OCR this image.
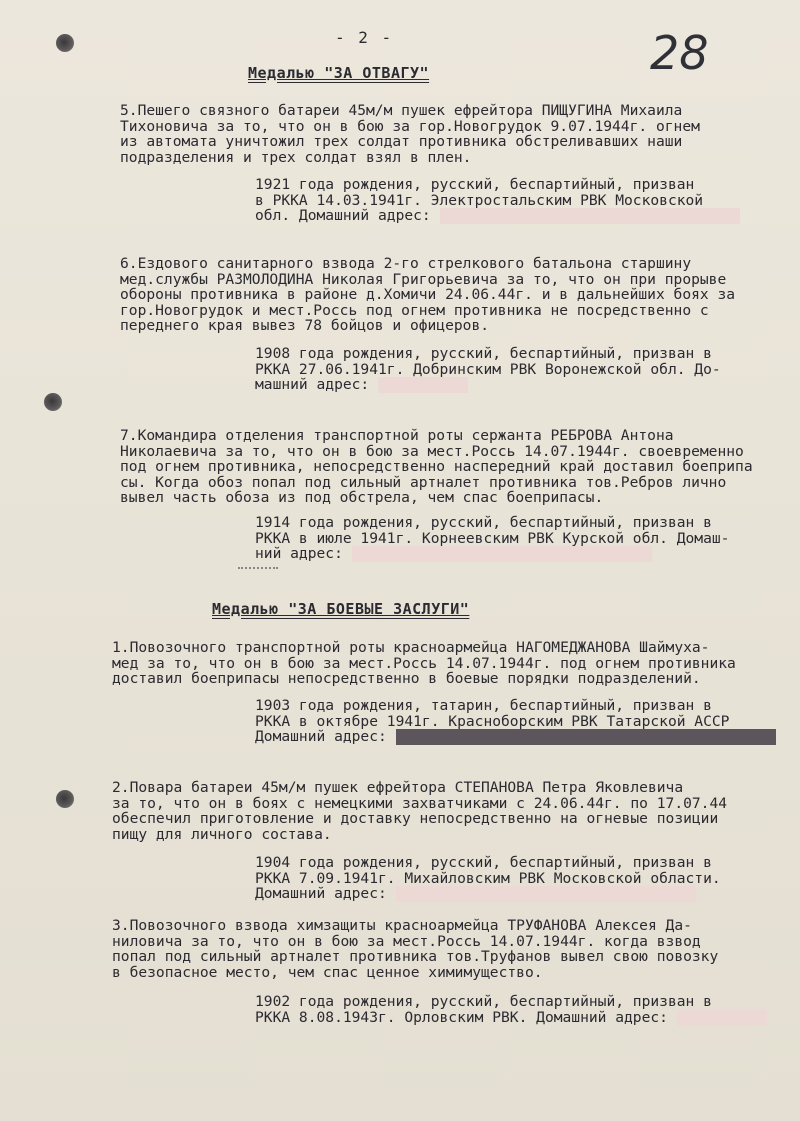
- 2 -	28
Медалью "ЗА ОТВАГУ"
5.Пешего связного батареи 45м/м пушек ефрейтора ПИЩУГИНА Михаила
Тихоновича за то, что он в бою за гор.Новогрудок 9.07.1944г. огнем
из автомата уничтожил трех солдат противника обстреливавших наши
подразделения и трех солдат взял в плен.
1921 года рождения, русский, беспартийный, призван
в РККА 14.03.1941г. Электростальским РВК Московской
обл. Домашний адрес:
6.Ездового санитарного взвода 2-го стрелкового батальона старшину
мед.службы РАЗМОЛОДИНА Николая Григорьевича за то, что он при прорыве
обороны противника в районе д.Хомичи 24.06.44г. и в дальнейших боях за
гор.Новогрудок и мест.Россь под огнем противника не посредственно с
переднего края вывез 78 бойцов и офицеров.
1908 года рождения, русский, беспартийный, призван в
РККА 27.06.1941г. Добринским РВК Воронежской обл. До-
машний адрес:
7.Командира отделения транспортной роты сержанта РЕБРОВА Антона
Николаевича за то, что он в бою за мест.Россь 14.07.1944г. своевременно
под огнем противника, непосредственно наспередний край доставил боеприпа
сы. Когда обоз попал под сильный артналет противника тов.Ребров лично
вывел часть обоза из под обстрела, чем спас боеприпасы.
1914 года рождения, русский, беспартийный, призван в
РККА в июле 1941г. Корнеевским РВК Курской обл. Домаш-
ний адрес:
Медалью "ЗА БОЕВЫЕ ЗАСЛУГИ"
1.Повозочного транспортной роты красноармейца НАГОМЕДЖАНОВА Шаймуха-
мед за то, что он в бою за мест.Россь 14.07.1944г. под огнем противника
доставил боеприпасы непосредственно в боевые порядки подразделений.
1903 года рождения, татарин, беспартийный, призван в
РККА в октябре 1941г. Красноборским РВК Татарской АССР
Домашний адрес:
2.Повара батареи 45м/м пушек ефрейтора СТЕПАНОВА Петра Яковлевича
за то, что он в боях с немецкими захватчиками с 24.06.44г. по 17.07.44
обеспечил приготовление и доставку непосредственно на огневые позиции
пищу для личного состава.
1904 года рождения, русский, беспартийный, призван в
РККА 7.09.1941г. Михайловским РВК Московской области.
Домашний адрес:
3.Повозочного взвода химзащиты красноармейца ТРУФАНОВА Алексея Да-
ниловича за то, что он в бою за мест.Россь 14.07.1944г. когда взвод
попал под сильный артналет противника тов.Труфанов вывел свою повозку
в безопасное место, чем спас ценное химимущество.
1902 года рождения, русский, беспартийный, призван в
РККА 8.08.1943г. Орловским РВК. Домашний адрес:
